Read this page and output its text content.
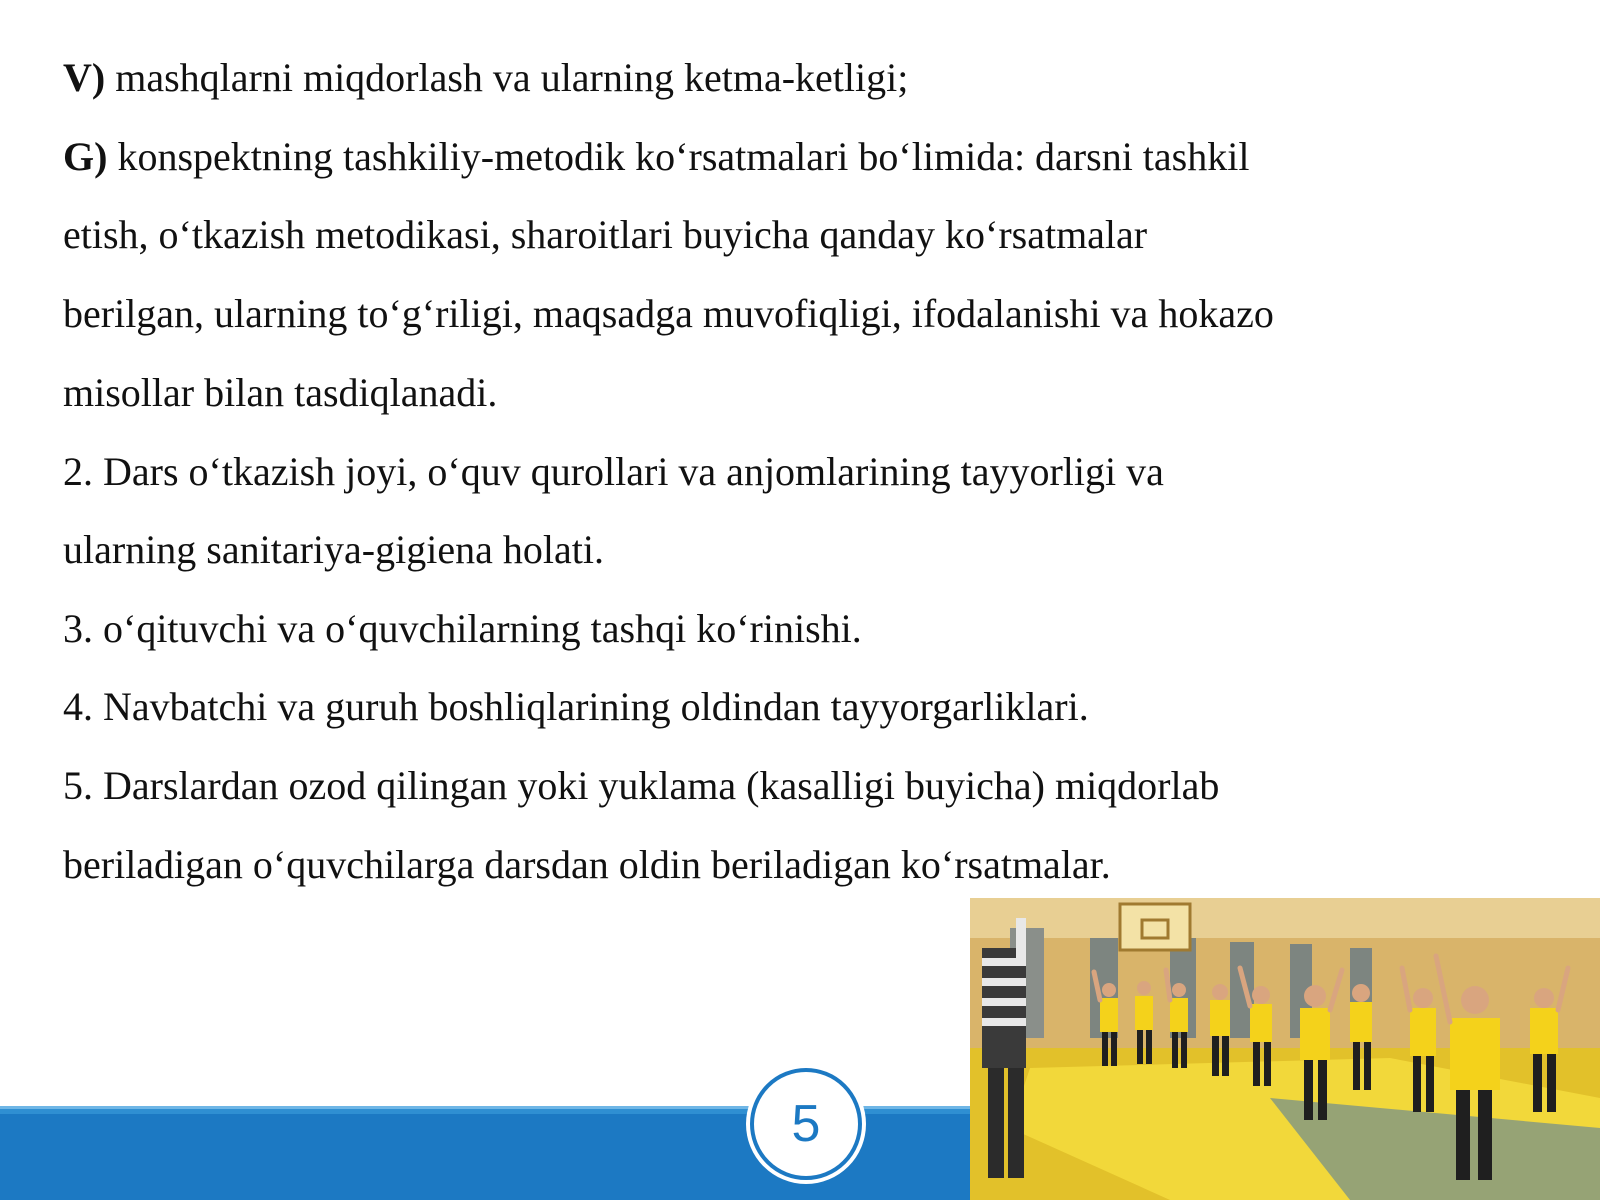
V) mashqlarni miqdorlash va ularning ketma-ketligi;

G) konspektning tashkiliy-metodik ko‘rsatmalari bo‘limida: darsni tashkil

etish, o‘tkazish metodikasi, sharoitlari buyicha qanday ko‘rsatmalar

berilgan, ularning to‘g‘riligi, maqsadga muvofiqligi, ifodalanishi va hokazo

misollar bilan tasdiqlanadi.

2. Dars o‘tkazish joyi, o‘quv qurollari va anjomlarining tayyorligi va

ularning sanitariya-gigiena holati.

3. o‘qituvchi va o‘quvchilarning tashqi ko‘rinishi.

4. Navbatchi va guruh boshliqlarining oldindan tayyorgarliklari.

5. Darslardan ozod qilingan yoki yuklama (kasalligi buyicha) miqdorlab

beriladigan o‘quvchilarga darsdan oldin beriladigan ko‘rsatmalar.

5
